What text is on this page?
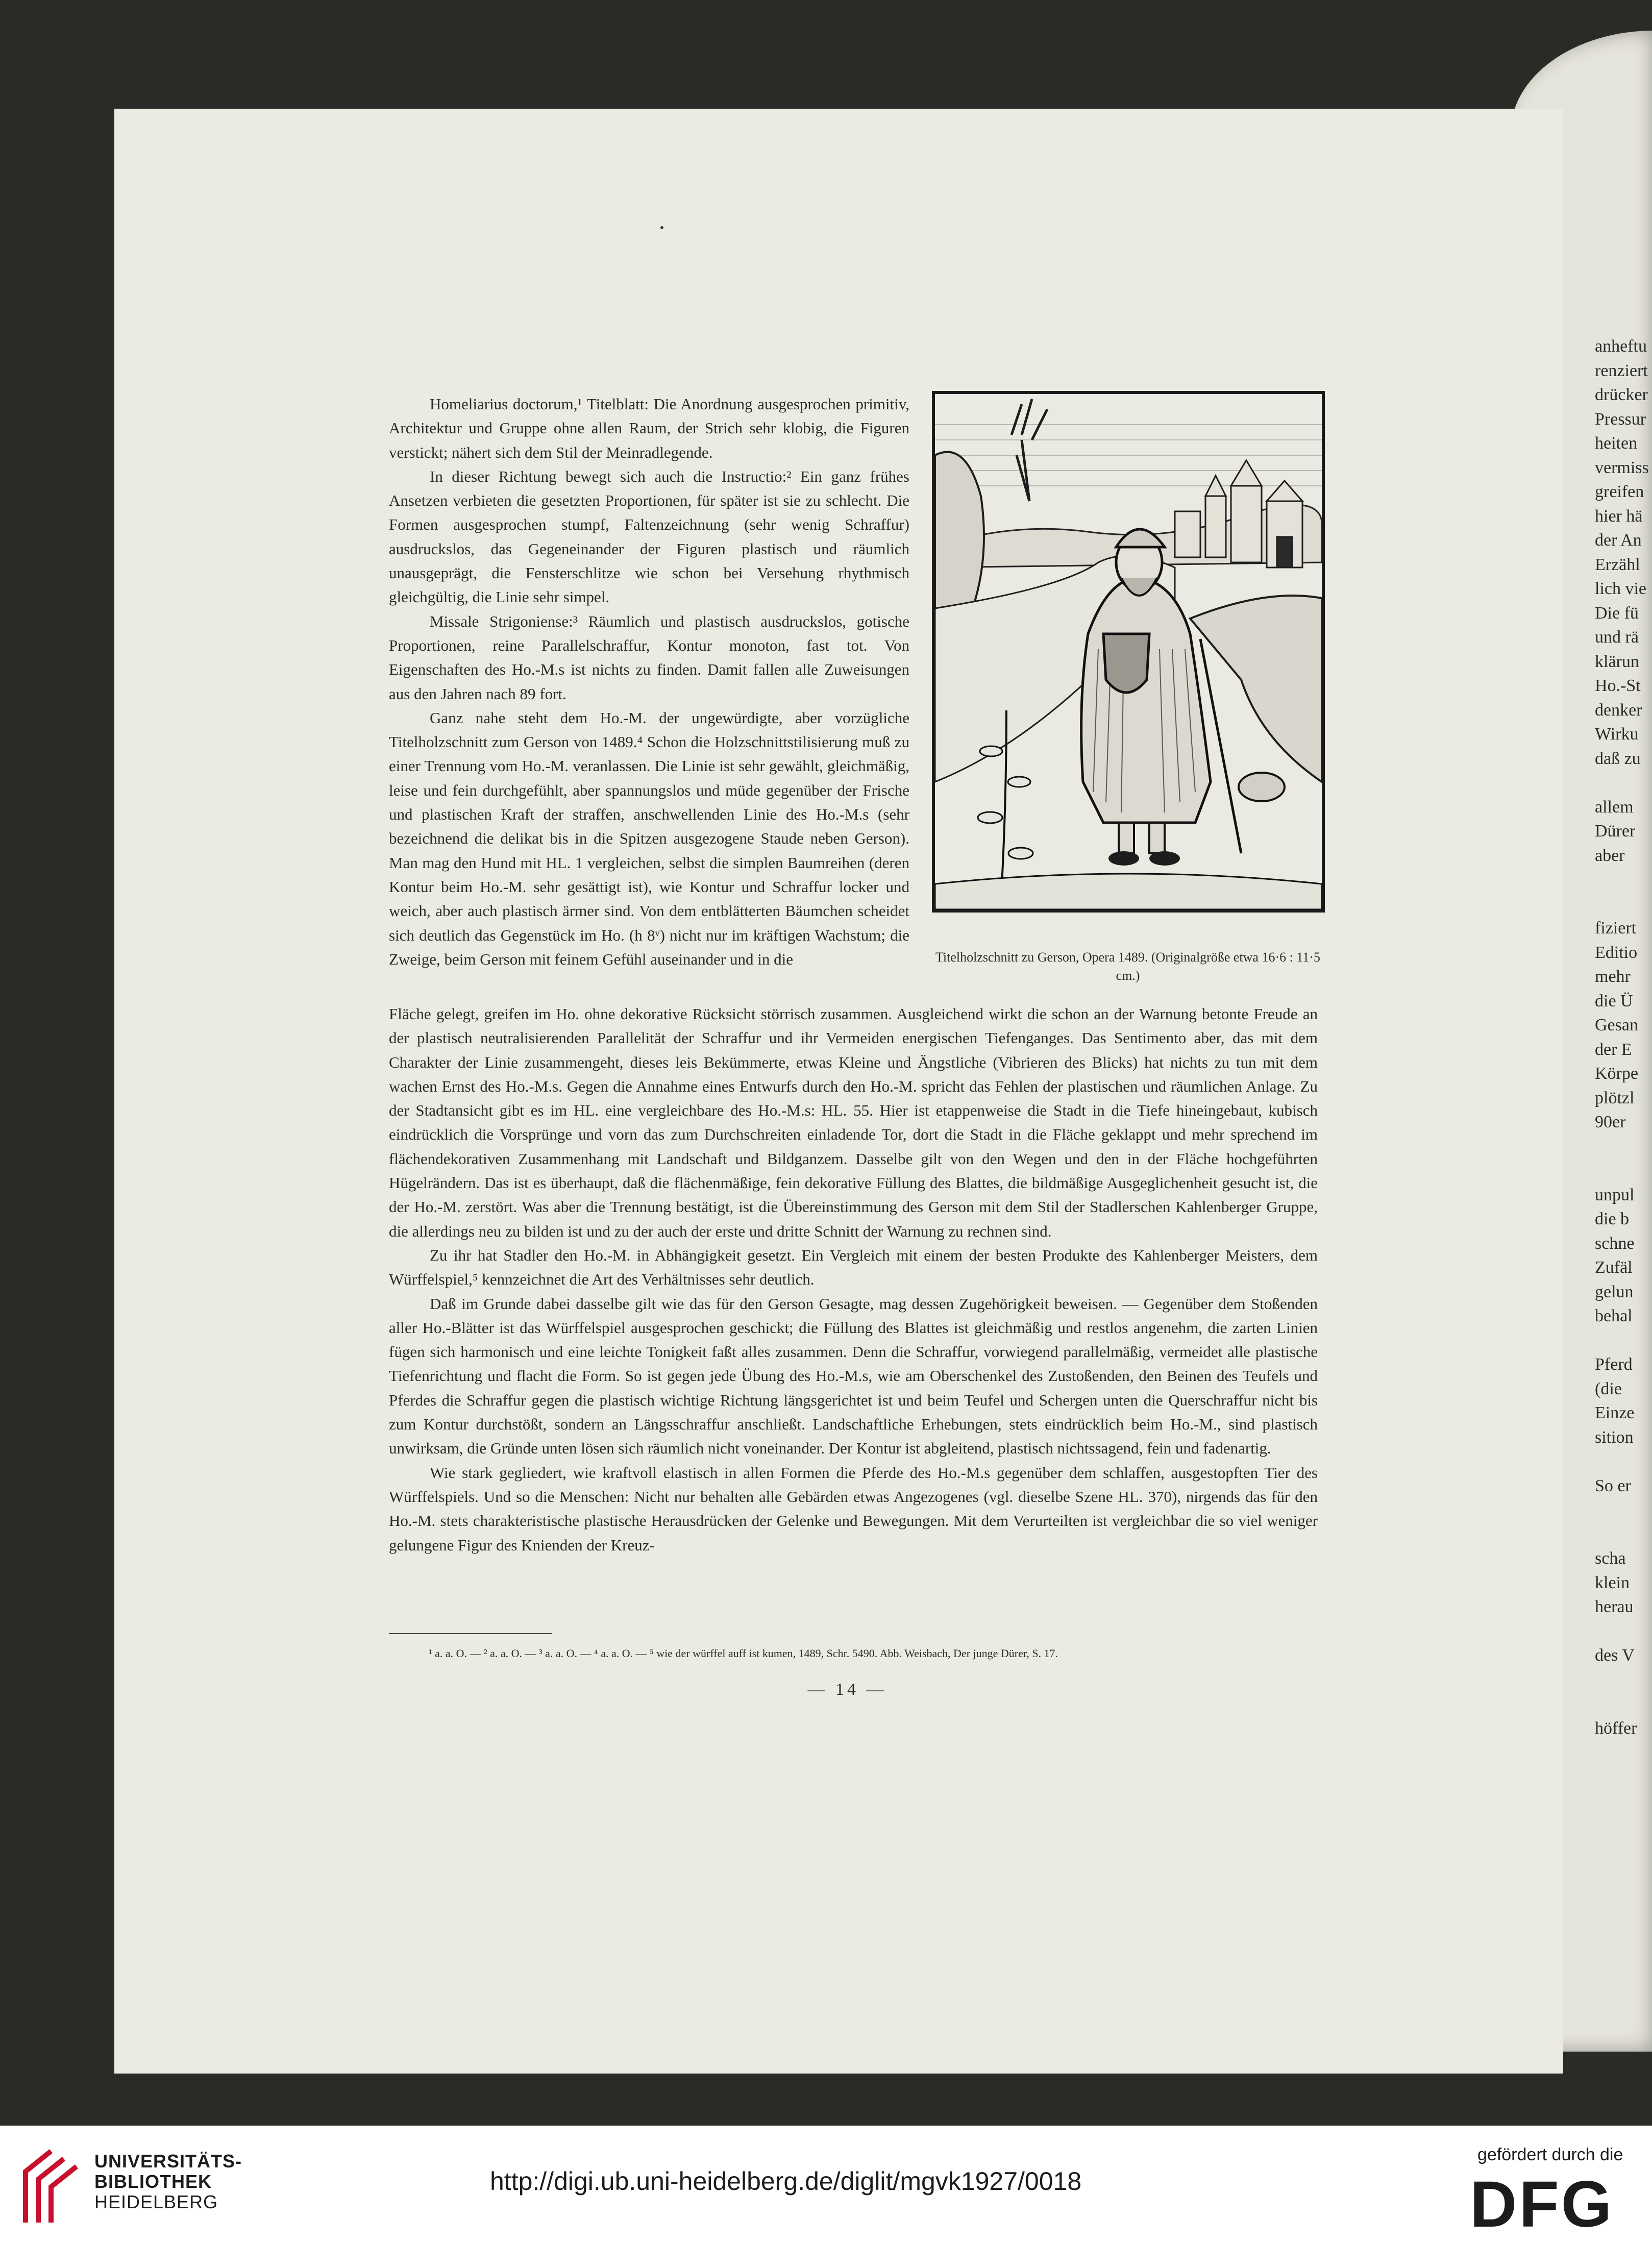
anheftu
renziert
drücker
Pressur
heiten
vermiss
greifen
hier hä
der An
Erzähl
lich vie
Die fü
und rä
klärun
Ho.-St
denker
Wirku
daß zu
allem
Dürer
aber
fiziert
Editio
mehr
die Ü
Gesan
der E
Körpe
plötzl
90er
unpul
die b
schne
Zufäl
gelun
behal
Pferd
(die
Einze
sition
So er
scha
klein
herau
des V
höffer

Homeliarius doctorum,¹ Titelblatt: Die Anordnung ausgesprochen primitiv, Architektur und Gruppe ohne allen Raum, der Strich sehr klobig, die Figuren verstickt; nähert sich dem Stil der Meinradlegende.

In dieser Richtung bewegt sich auch die Instructio:² Ein ganz frühes Ansetzen verbieten die gesetzten Proportionen, für später ist sie zu schlecht. Die Formen ausgesprochen stumpf, Faltenzeichnung (sehr wenig Schraffur) ausdruckslos, das Gegeneinander der Figuren plastisch und räumlich unausgeprägt, die Fensterschlitze wie schon bei Versehung rhythmisch gleichgültig, die Linie sehr simpel.

Missale Strigoniense:³ Räumlich und plastisch ausdruckslos, gotische Proportionen, reine Parallelschraffur, Kontur monoton, fast tot. Von Eigenschaften des Ho.-M.s ist nichts zu finden. Damit fallen alle Zuweisungen aus den Jahren nach 89 fort.

Ganz nahe steht dem Ho.-M. der ungewürdigte, aber vorzügliche Titelholzschnitt zum Gerson von 1489.⁴ Schon die Holzschnittstilisierung muß zu einer Trennung vom Ho.-M. veranlassen. Die Linie ist sehr gewählt, gleichmäßig, leise und fein durchgefühlt, aber spannungslos und müde gegenüber der Frische und plastischen Kraft der straffen, anschwellenden Linie des Ho.-M.s (sehr bezeichnend die delikat bis in die Spitzen ausgezogene Staude neben Gerson). Man mag den Hund mit HL. 1 vergleichen, selbst die simplen Baumreihen (deren Kontur beim Ho.-M. sehr gesättigt ist), wie Kontur und Schraffur locker und weich, aber auch plastisch ärmer sind. Von dem entblätterten Bäumchen scheidet sich deutlich das Gegenstück im Ho. (h 8ᵛ) nicht nur im kräftigen Wachstum; die Zweige, beim Gerson mit feinem Gefühl auseinander und in die	Titelholzschnitt zu Gerson, Opera 1489. (Originalgröße etwa 16·6 : 11·5 cm.)

Fläche gelegt, greifen im Ho. ohne dekorative Rücksicht störrisch zusammen. Ausgleichend wirkt die schon an der Warnung betonte Freude an der plastisch neutralisierenden Parallelität der Schraffur und ihr Vermeiden energischen Tiefenganges. Das Sentimento aber, das mit dem Charakter der Linie zusammengeht, dieses leis Bekümmerte, etwas Kleine und Ängstliche (Vibrieren des Blicks) hat nichts zu tun mit dem wachen Ernst des Ho.-M.s. Gegen die Annahme eines Entwurfs durch den Ho.-M. spricht das Fehlen der plastischen und räumlichen Anlage. Zu der Stadtansicht gibt es im HL. eine vergleichbare des Ho.-M.s: HL. 55. Hier ist etappenweise die Stadt in die Tiefe hineingebaut, kubisch eindrücklich die Vorsprünge und vorn das zum Durchschreiten einladende Tor, dort die Stadt in die Fläche geklappt und mehr sprechend im flächendekorativen Zusammenhang mit Landschaft und Bildganzem. Dasselbe gilt von den Wegen und den in der Fläche hochgeführten Hügelrändern. Das ist es überhaupt, daß die flächenmäßige, fein dekorative Füllung des Blattes, die bildmäßige Ausgeglichenheit gesucht ist, die der Ho.-M. zerstört. Was aber die Trennung bestätigt, ist die Übereinstimmung des Gerson mit dem Stil der Stadlerschen Kahlenberger Gruppe, die allerdings neu zu bilden ist und zu der auch der erste und dritte Schnitt der Warnung zu rechnen sind.

Zu ihr hat Stadler den Ho.-M. in Abhängigkeit gesetzt. Ein Vergleich mit einem der besten Produkte des Kahlenberger Meisters, dem Würffelspiel,⁵ kennzeichnet die Art des Verhältnisses sehr deutlich.

Daß im Grunde dabei dasselbe gilt wie das für den Gerson Gesagte, mag dessen Zugehörigkeit beweisen. — Gegenüber dem Stoßenden aller Ho.-Blätter ist das Würffelspiel ausgesprochen geschickt; die Füllung des Blattes ist gleichmäßig und restlos angenehm, die zarten Linien fügen sich harmonisch und eine leichte Tonigkeit faßt alles zusammen. Denn die Schraffur, vorwiegend parallelmäßig, vermeidet alle plastische Tiefenrichtung und flacht die Form. So ist gegen jede Übung des Ho.-M.s, wie am Oberschenkel des Zustoßenden, den Beinen des Teufels und Pferdes die Schraffur gegen die plastisch wichtige Richtung längsgerichtet ist und beim Teufel und Schergen unten die Querschraffur nicht bis zum Kontur durchstößt, sondern an Längsschraffur anschließt. Landschaftliche Erhebungen, stets eindrücklich beim Ho.-M., sind plastisch unwirksam, die Gründe unten lösen sich räumlich nicht voneinander. Der Kontur ist abgleitend, plastisch nichtssagend, fein und fadenartig.

Wie stark gegliedert, wie kraftvoll elastisch in allen Formen die Pferde des Ho.-M.s gegenüber dem schlaffen, ausgestopften Tier des Würffelspiels. Und so die Menschen: Nicht nur behalten alle Gebärden etwas Angezogenes (vgl. dieselbe Szene HL. 370), nirgends das für den Ho.-M. stets charakteristische plastische Herausdrücken der Gelenke und Bewegungen. Mit dem Verurteilten ist vergleichbar die so viel weniger gelungene Figur des Knienden der Kreuz-

¹ a. a. O. — ² a. a. O. — ³ a. a. O. — ⁴ a. a. O. — ⁵ wie der würffel auff ist kumen, 1489, Schr. 5490. Abb. Weisbach, Der junge Dürer, S. 17.
— 14 —
UNIVERSITÄTS-
BIBLIOTHEK
HEIDELBERG
http://digi.ub.uni-heidelberg.de/diglit/mgvk1927/0018
gefördert durch die
DFG
